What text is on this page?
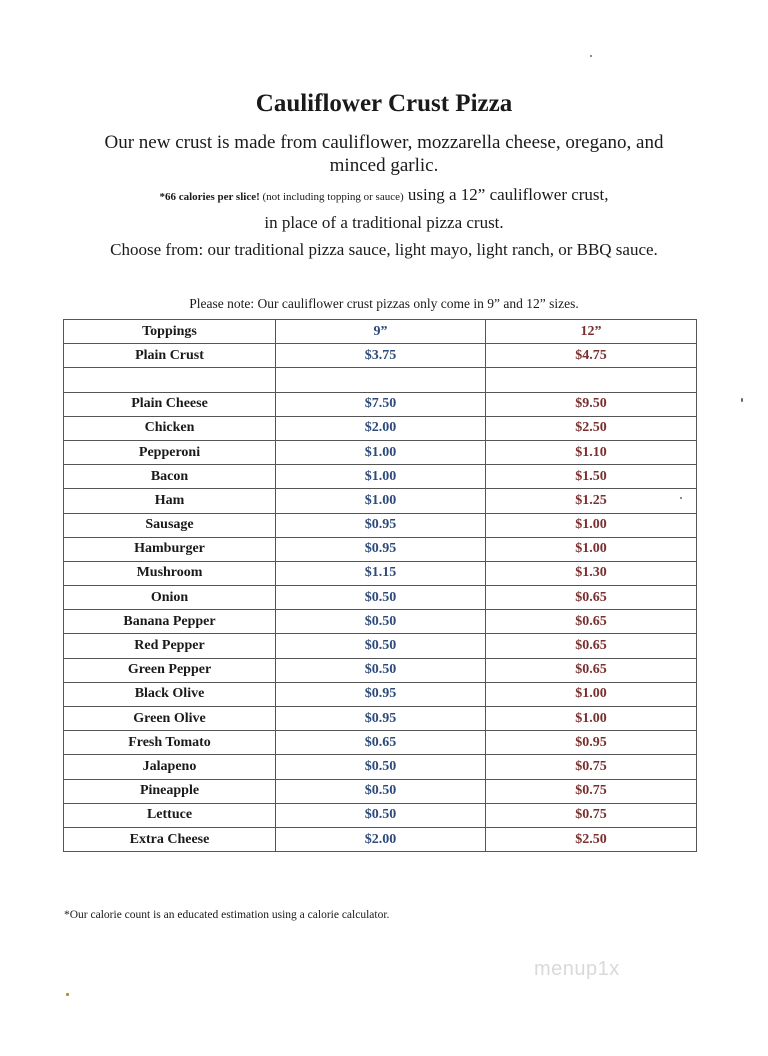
Cauliflower Crust Pizza
Our new crust is made from cauliflower, mozzarella cheese, oregano, and minced garlic.
*66 calories per slice! (not including topping or sauce) using a 12” cauliflower crust,
in place of a traditional pizza crust.
Choose from: our traditional pizza sauce, light mayo, light ranch, or BBQ sauce.
Please note: Our cauliflower crust pizzas only come in 9” and 12” sizes.
Toppings	9”	12”
Plain Crust	$3.75	$4.75

Plain Cheese	$7.50	$9.50
Chicken	$2.00	$2.50
Pepperoni	$1.00	$1.10
Bacon	$1.00	$1.50
Ham	$1.00	$1.25
Sausage	$0.95	$1.00
Hamburger	$0.95	$1.00
Mushroom	$1.15	$1.30
Onion	$0.50	$0.65
Banana Pepper	$0.50	$0.65
Red Pepper	$0.50	$0.65
Green Pepper	$0.50	$0.65
Black Olive	$0.95	$1.00
Green Olive	$0.95	$1.00
Fresh Tomato	$0.65	$0.95
Jalapeno	$0.50	$0.75
Pineapple	$0.50	$0.75
Lettuce	$0.50	$0.75
Extra Cheese	$2.00	$2.50
*Our calorie count is an educated estimation using a calorie calculator.
menup1x
